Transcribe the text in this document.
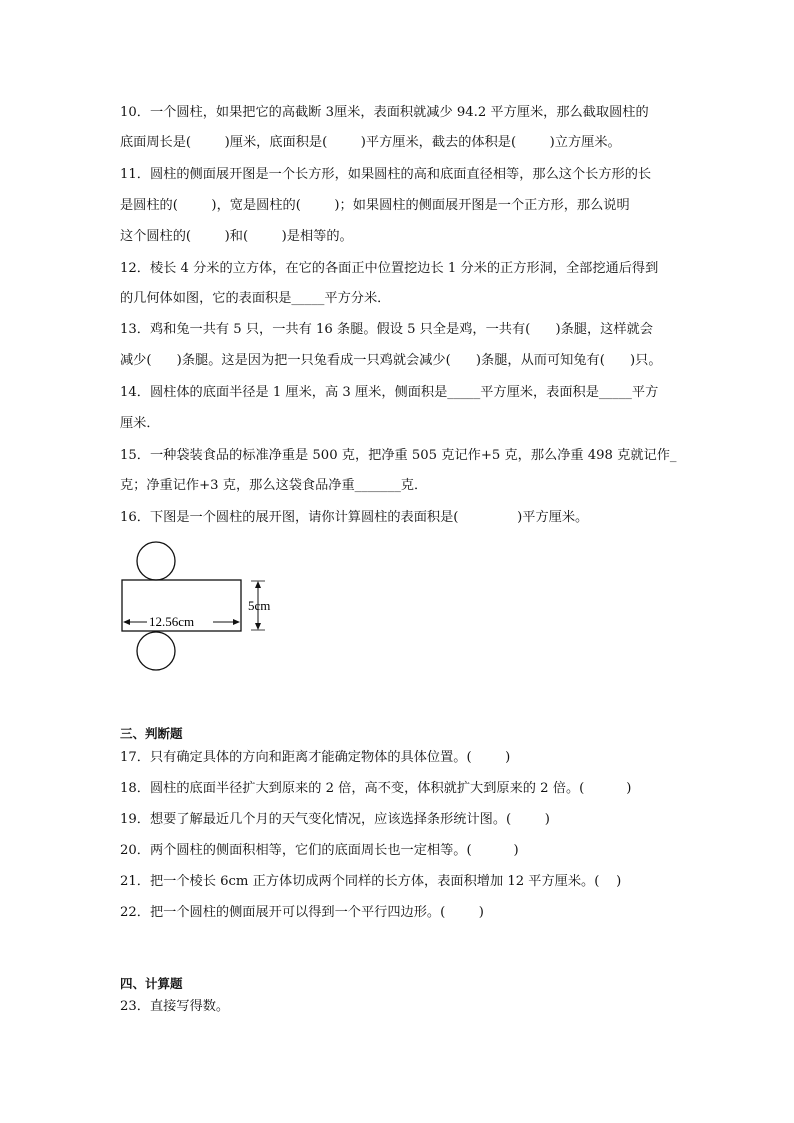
10．一个圆柱，如果把它的高截断 3厘米，表面积就减少 94.2 平方厘米，那么截取圆柱的
底面周长是(        )厘米，底面积是(        )平方厘米，截去的体积是(        )立方厘米。
11．圆柱的侧面展开图是一个长方形，如果圆柱的高和底面直径相等，那么这个长方形的长
是圆柱的(        )，宽是圆柱的(        )；如果圆柱的侧面展开图是一个正方形，那么说明
这个圆柱的(        )和(        )是相等的。
12．棱长 4 分米的立方体，在它的各面正中位置挖边长 1 分米的正方形洞，全部挖通后得到
的几何体如图，它的表面积是_____平方分米．
13．鸡和兔一共有 5 只，一共有 16 条腿。假设 5 只全是鸡，一共有(      )条腿，这样就会
减少(      )条腿。这是因为把一只兔看成一只鸡就会减少(      )条腿，从而可知兔有(      )只。
14．圆柱体的底面半径是 1 厘米，高 3 厘米，侧面积是_____平方厘米，表面积是_____平方
厘米．
15．一种袋装食品的标准净重是 500 克，把净重 505 克记作+5 克，那么净重 498 克就记作_
克；净重记作+3 克，那么这袋食品净重_______克．
16．下图是一个圆柱的展开图，请你计算圆柱的表面积是(              )平方厘米。
5cm
12.56cm
三、判断题
17．只有确定具体的方向和距离才能确定物体的具体位置。(        )
18．圆柱的底面半径扩大到原来的 2 倍，高不变，体积就扩大到原来的 2 倍。(          )
19．想要了解最近几个月的天气变化情况，应该选择条形统计图。(        )
20．两个圆柱的侧面积相等，它们的底面周长也一定相等。(          )
21．把一个棱长 6cm 正方体切成两个同样的长方体，表面积增加 12 平方厘米。(    )
22．把一个圆柱的侧面展开可以得到一个平行四边形。(        )
四、计算题
23．直接写得数。
